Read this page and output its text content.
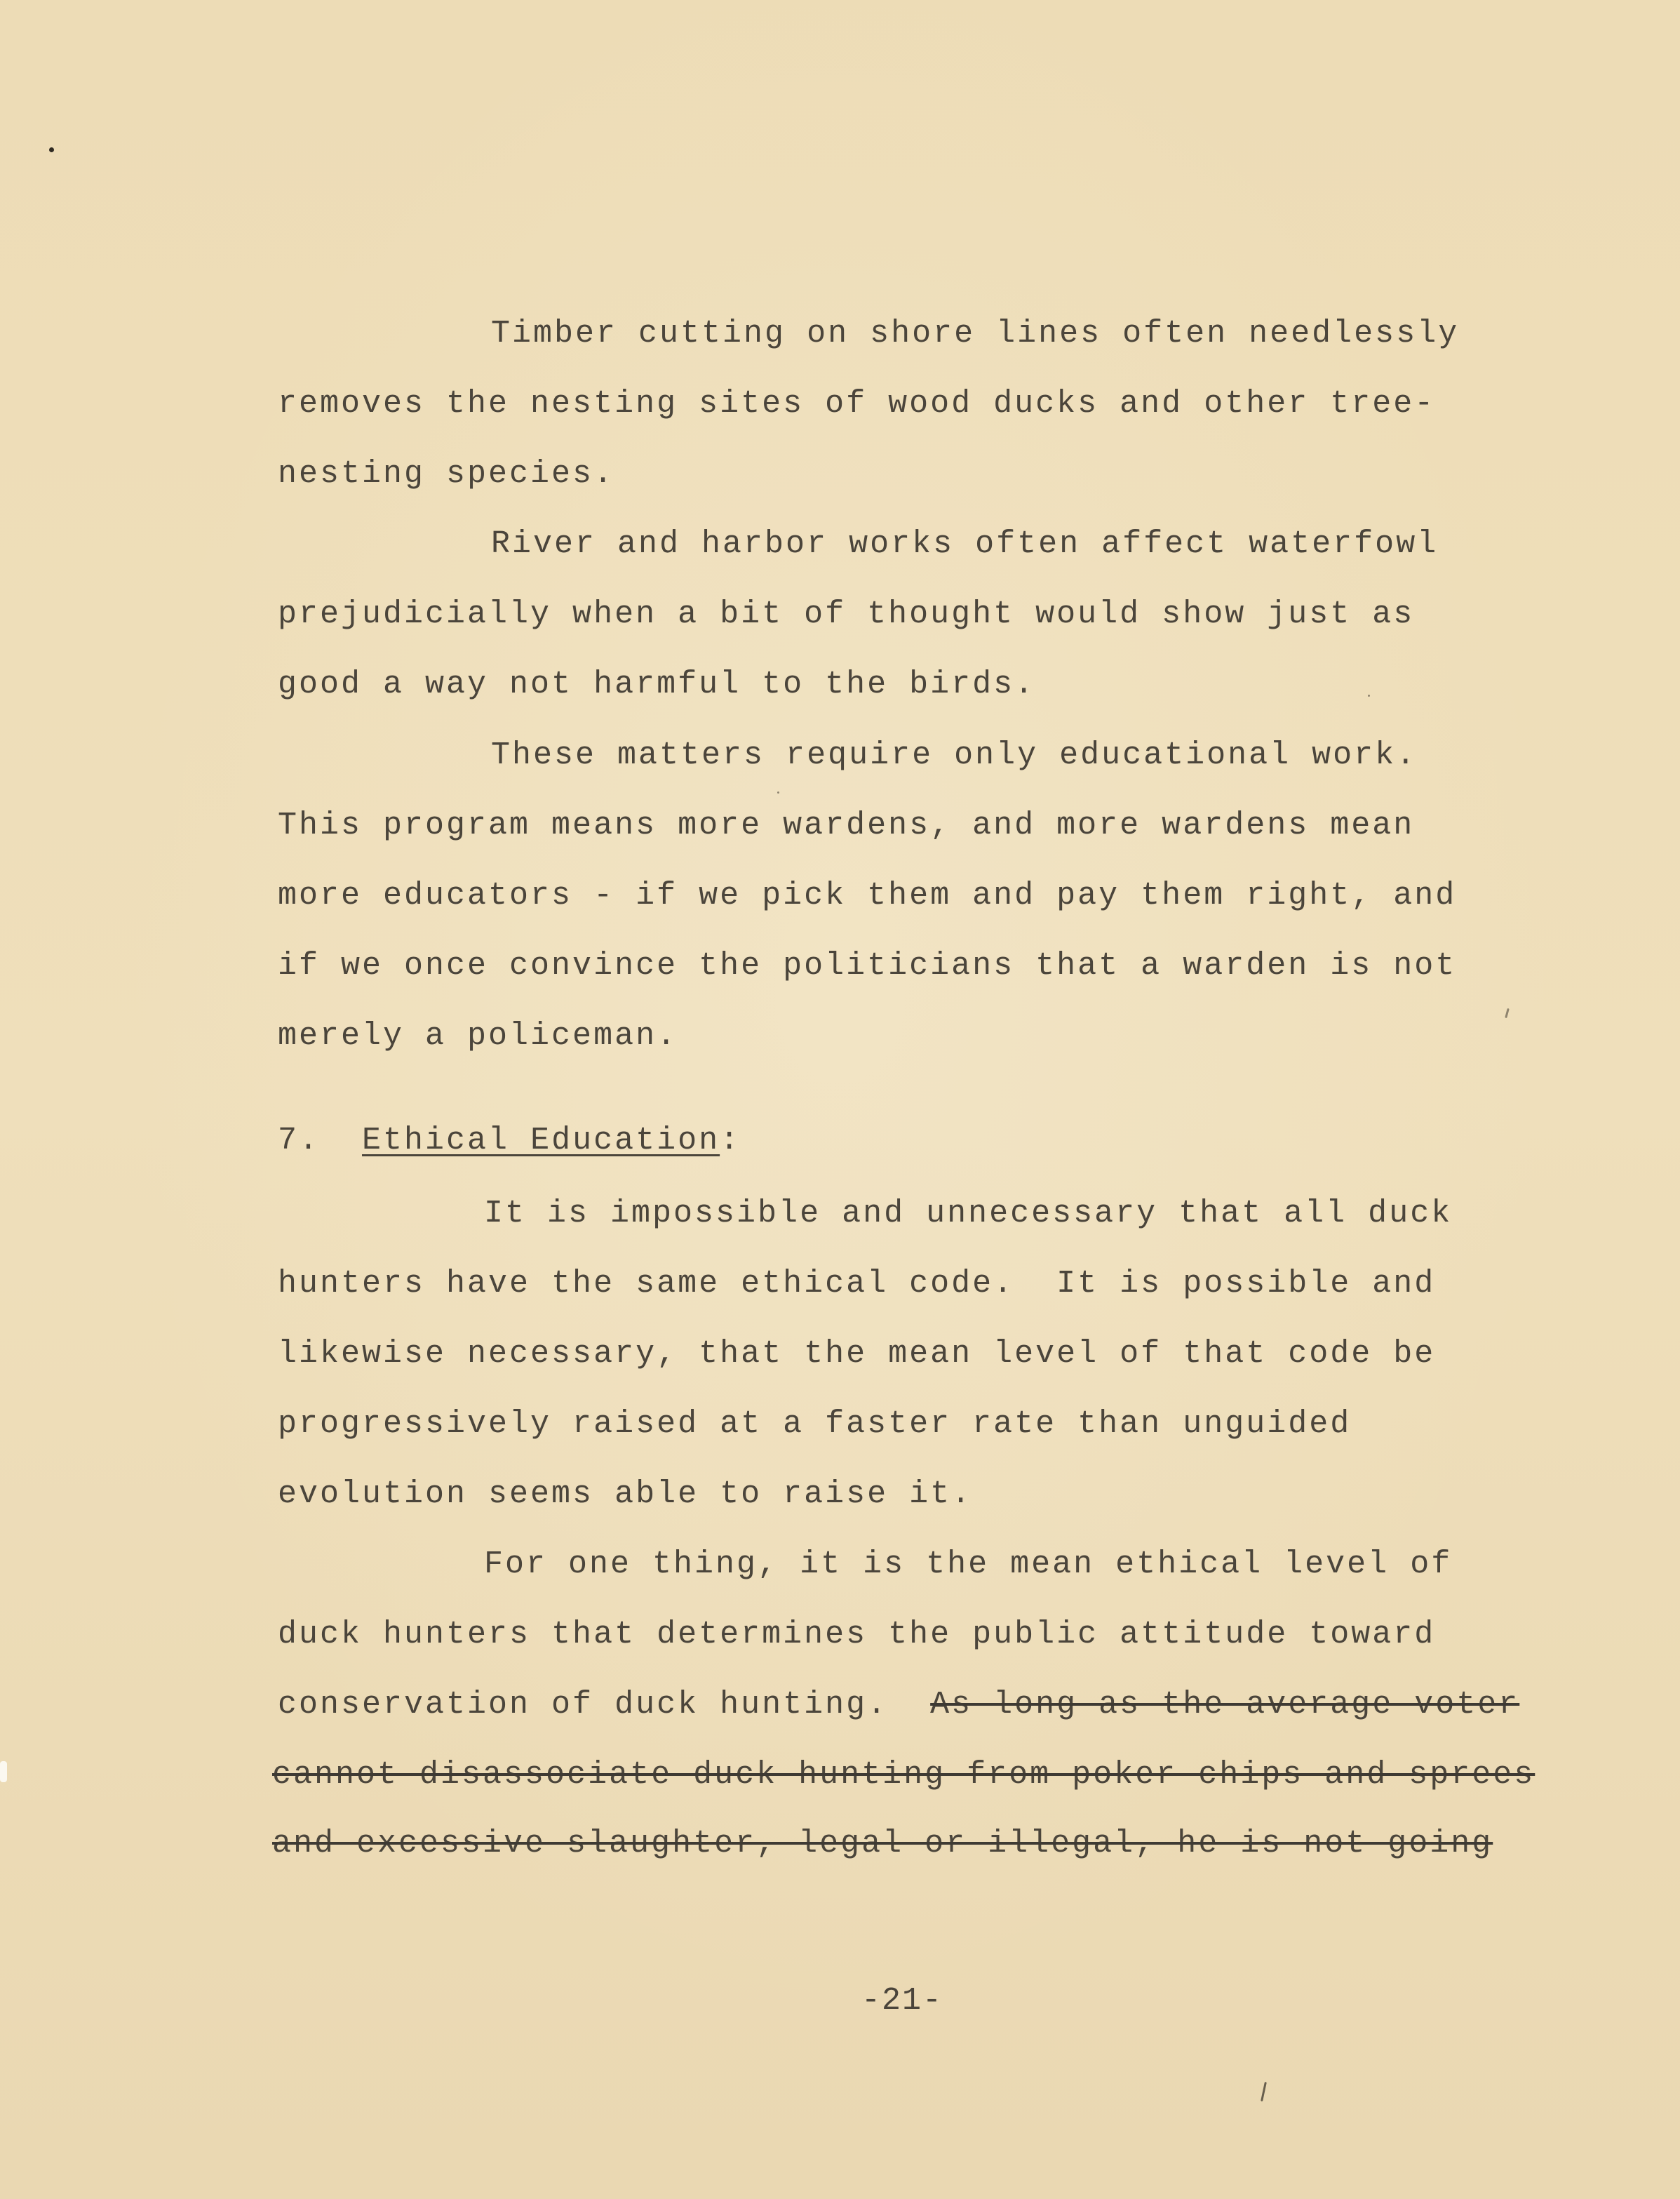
Timber cutting on shore lines often needlessly
removes the nesting sites of wood ducks and other tree-
nesting species.
River and harbor works often affect waterfowl
prejudicially when a bit of thought would show just as
good a way not harmful to the birds.
These matters require only educational work.
This program means more wardens, and more wardens mean
more educators - if we pick them and pay them right, and
if we once convince the politicians that a warden is not
merely a policeman.
7. Ethical Education:
It is impossible and unnecessary that all duck
hunters have the same ethical code.  It is possible and
likewise necessary, that the mean level of that code be
progressively raised at a faster rate than unguided
evolution seems able to raise it.
For one thing, it is the mean ethical level of
duck hunters that determines the public attitude toward
conservation of duck hunting.  As long as the average voter
cannot disassociate duck hunting from poker chips and sprees
and excessive slaughter, legal or illegal, he is not going
-21-
